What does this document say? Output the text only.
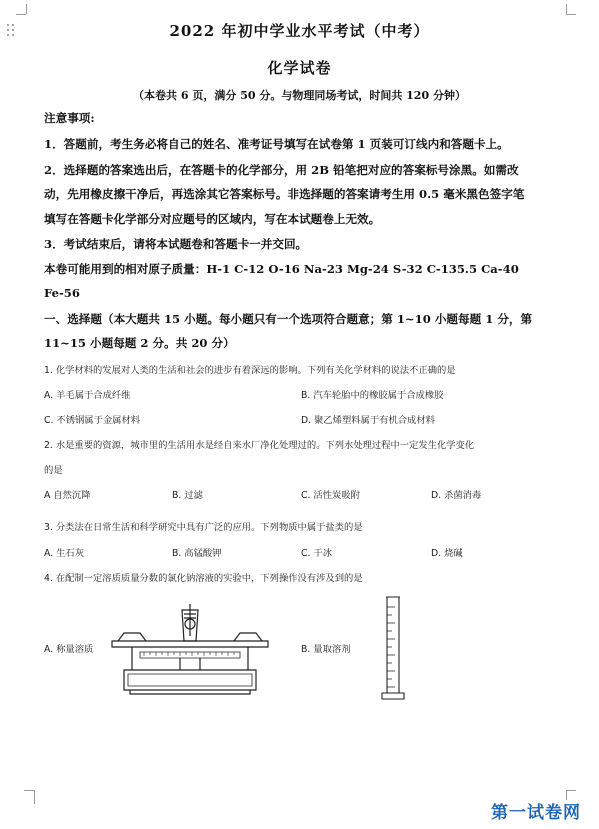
2022 年初中学业水平考试（中考）
化学试卷
（本卷共 6 页，满分 50 分。与物理同场考试，时间共 120 分钟）
注意事项:
1．答题前，考生务必将自己的姓名、准考证号填写在试卷第 1 页装可订线内和答题卡上。
2．选择题的答案选出后，在答题卡的化学部分，用 2B 铅笔把对应的答案标号涂黑。如需改
动，先用橡皮擦干净后，再选涂其它答案标号。非选择题的答案请考生用 0.5 毫米黑色签字笔
填写在答题卡化学部分对应题号的区域内，写在本试题卷上无效。
3．考试结束后，请将本试题卷和答题卡一并交回。
本卷可能用到的相对原子质量：H-1 C-12 O-16 Na-23 Mg-24 S-32 C-135.5 Ca-40
Fe-56
一、选择题（本大题共 15 小题。每小题只有一个选项符合题意；第 1~10 小题每题 1 分，第
11~15 小题每题 2 分。共 20 分）
1. 化学材料的发展对人类的生活和社会的进步有着深远的影响。下列有关化学材料的说法不正确的是
A. 羊毛属于合成纤维	B. 汽车轮胎中的橡胶属于合成橡胶
C. 不锈钢属于金属材料	D. 聚乙烯塑料属于有机合成材料
2. 水是重要的资源，城市里的生活用水是经自来水厂净化处理过的。下列水处理过程中一定发生化学变化
的是
A 自然沉降	B. 过滤	C. 活性炭吸附	D. 杀菌消毒
3. 分类法在日常生活和科学研究中具有广泛的应用。下列物质中属于盐类的是
A. 生石灰	B. 高锰酸钾	C. 干冰	D. 烧碱
4. 在配制一定溶质质量分数的氯化钠溶液的实验中，下列操作没有涉及到的是
A. 称量溶质	B. 量取溶剂
第一试卷网
